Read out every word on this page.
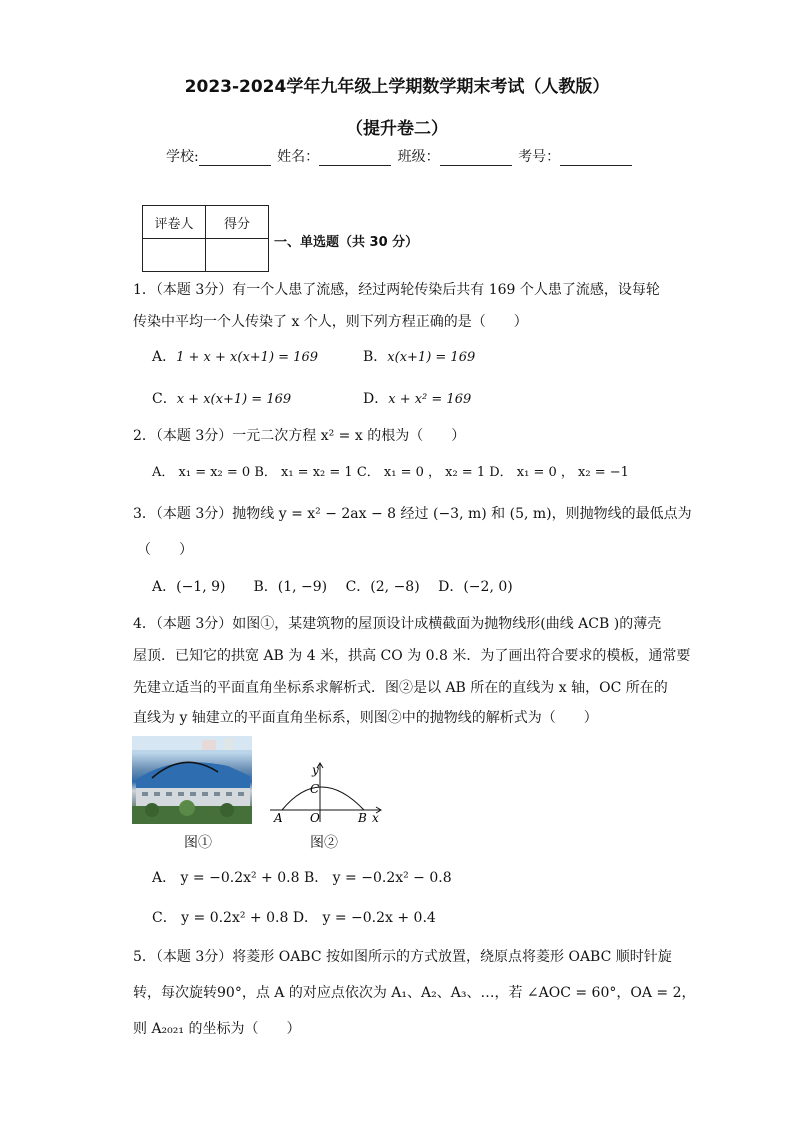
2023-2024学年九年级上学期数学期末考试（人教版）
（提升卷二）
学校:	姓名：	班级：	考号：
评卷人	得分

一、单选题（共 30 分）
1．（本题 3分）有一个人患了流感，经过两轮传染后共有 169 个人患了流感，设每轮
传染中平均一个人传染了 x 个人，则下列方程正确的是（　　）
A．1 + x + x(x+1) = 169	B．x(x+1) = 169
C．x + x(x+1) = 169	D．x + x² = 169
2．（本题 3分）一元二次方程 x² = x 的根为（　　）
A． x₁ = x₂ = 0 B． x₁ = x₂ = 1 C． x₁ = 0 ， x₂ = 1 D． x₁ = 0 ， x₂ = −1
3．（本题 3分）抛物线 y = x² − 2ax − 8 经过 (−3, m) 和 (5, m)，则抛物线的最低点为
（　　）
A．(−1, 9)　　B．(1, −9)　 C．(2, −8)　 D．(−2, 0)
4．（本题 3分）如图①，某建筑物的屋顶设计成横截面为抛物线形(曲线 ACB )的薄壳
屋顶．已知它的拱宽 AB 为 4 米，拱高 CO 为 0.8 米．为了画出符合要求的模板，通常要
先建立适当的平面直角坐标系求解析式．图②是以 AB 所在的直线为 x 轴，OC 所在的
直线为 y 轴建立的平面直角坐标系，则图②中的抛物线的解析式为（　　）
图①
y
x
C
A O	B
图②
A． y = −0.2x² + 0.8 B． y = −0.2x² − 0.8
C． y = 0.2x² + 0.8 D． y = −0.2x + 0.4
5．（本题 3分）将菱形 OABC 按如图所示的方式放置，绕原点将菱形 OABC 顺时针旋
转，每次旋转90°，点 A 的对应点依次为 A₁、A₂、A₃、…，若 ∠AOC = 60°，OA = 2，
则 A₂₀₂₁ 的坐标为（　　）
